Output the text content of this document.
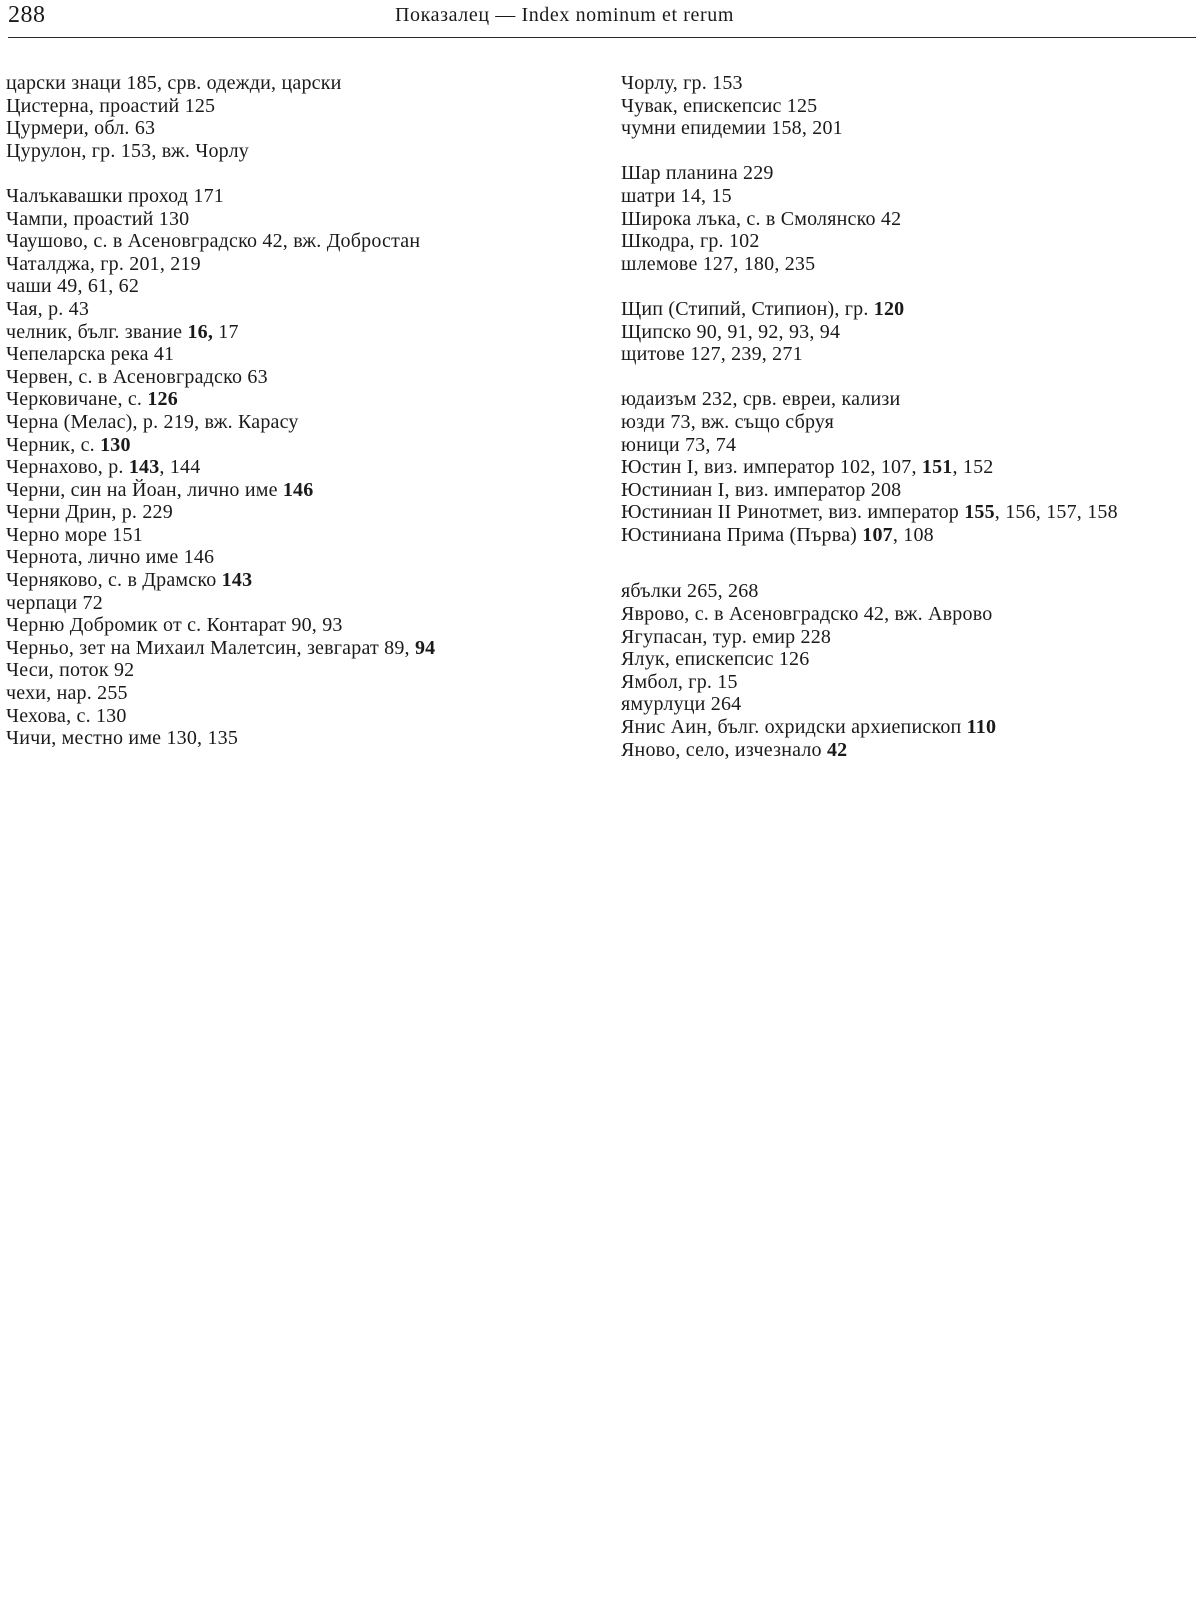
288	Показалец — Index nominum et rerum
царски знаци 185, срв. одежди, царски
Цистерна, проастий 125
Цурмери, обл. 63
Цурулон, гр. 153, вж. Чорлу
Чалъкавашки проход 171
Чампи, проастий 130
Чаушово, с. в Асеновградско 42, вж. Добростан
Чаталджа, гр. 201, 219
чаши 49, 61, 62
Чая, р. 43
челник, бълг. звание 16, 17
Чепеларска река 41
Червен, с. в Асеновградско 63
Черковичане, с. 126
Черна (Мелас), р. 219, вж. Карасу
Черник, с. 130
Чернахово, р. 143, 144
Черни, син на Йоан, лично име 146
Черни Дрин, р. 229
Черно море 151
Чернота, лично име 146
Черняково, с. в Драмско 143
черпаци 72
Черню Добромик от с. Контарат 90, 93
Черньо, зет на Михаил Малетсин, зевгарат 89, 94
Чеси, поток 92
чехи, нар. 255
Чехова, с. 130
Чичи, местно име 130, 135
Чорлу, гр. 153
Чувак, епискепсис 125
чумни епидемии 158, 201
Шар планина 229
шатри 14, 15
Широка лъка, с. в Смолянско 42
Шкодра, гр. 102
шлемове 127, 180, 235
Щип (Стипий, Стипион), гр. 120
Щипско 90, 91, 92, 93, 94
щитове 127, 239, 271
юдаизъм 232, срв. евреи, кализи
юзди 73, вж. също сбруя
юници 73, 74
Юстин I, виз. император 102, 107, 151, 152
Юстиниан I, виз. император 208
Юстиниан II Ринотмет, виз. император 155, 156, 157, 158
Юстиниана Прима (Първа) 107, 108
ябълки 265, 268
Яврово, с. в Асеновградско 42, вж. Аврово
Ягупасан, тур. емир 228
Ялук, епискепсис 126
Ямбол, гр. 15
ямурлуци 264
Янис Аин, бълг. охридски архиепископ 110
Яново, село, изчезнало 42
